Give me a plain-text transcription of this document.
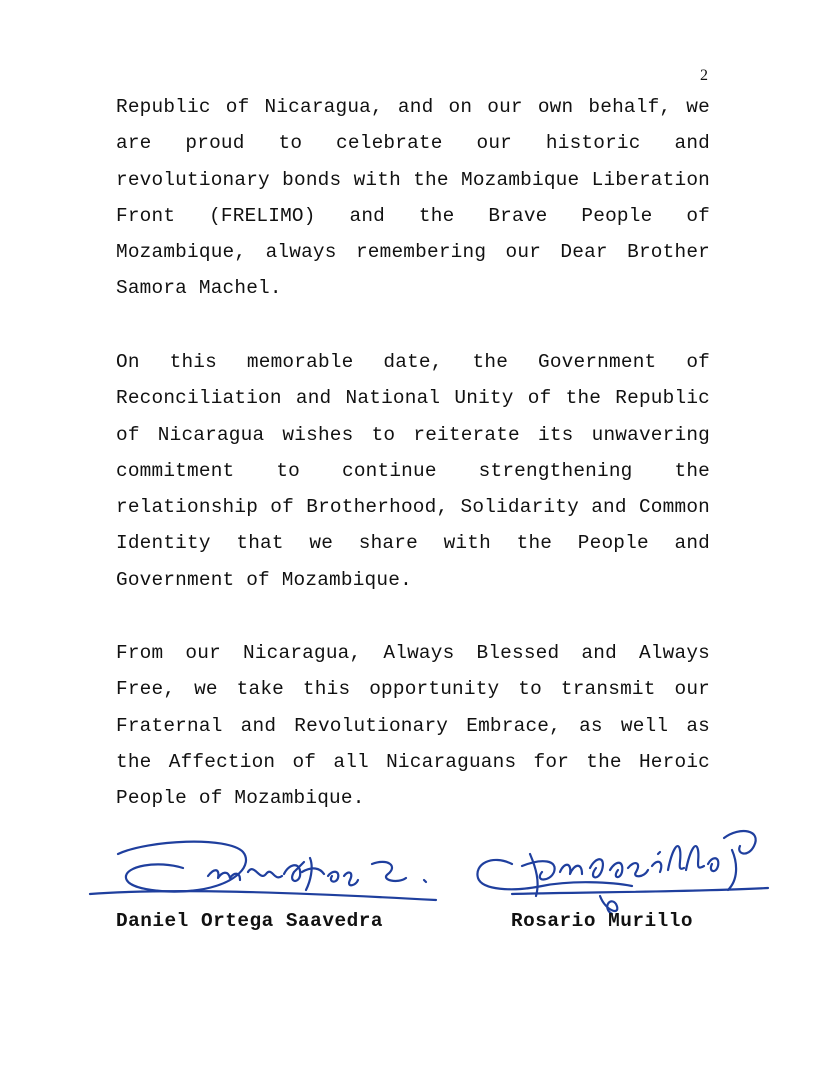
2

Republic of Nicaragua, and on our own behalf, we are proud to celebrate our historic and revolutionary bonds with the Mozambique Liberation Front (FRELIMO) and the Brave People of Mozambique, always remembering our Dear Brother Samora Machel.

On this memorable date, the Government of Reconciliation and National Unity of the Republic of Nicaragua wishes to reiterate its unwavering commitment to continue strengthening the relationship of Brotherhood, Solidarity and Common Identity that we share with the People and Government of Mozambique.

From our Nicaragua, Always Blessed and Always Free, we take this opportunity to transmit our Fraternal and Revolutionary Embrace, as well as the Affection of all Nicaraguans for the Heroic People of Mozambique.

Daniel Ortega Saavedra	Rosario Murillo
